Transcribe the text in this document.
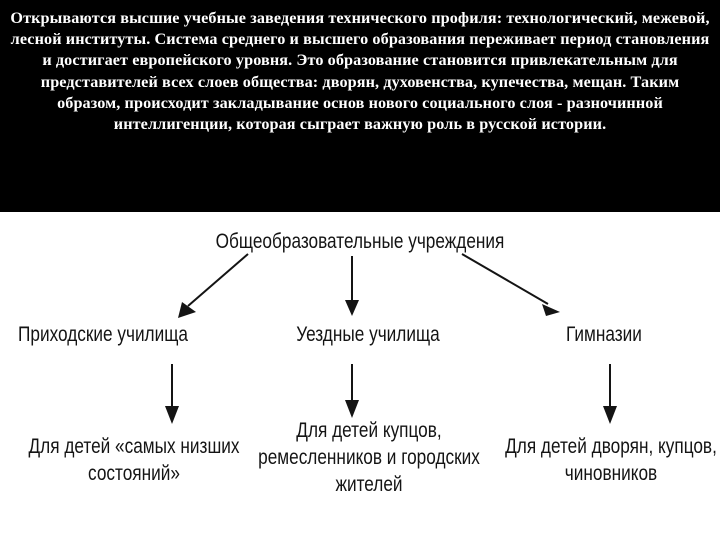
Открываются высшие учебные заведения технического профиля: технологический, межевой, лесной институты. Система среднего и высшего образования переживает период становления и достигает европейского уровня. Это образование становится привлекательным для представителей всех слоев общества: дворян, духовенства, купечества, мещан. Таким образом, происходит закладывание основ нового социального слоя - разночинной интеллигенции, которая сыграет важную роль в русской истории.
Общеобразовательные учреждения
Приходские училища	Уездные училища	Гимназии
Для детей «самых низших
состояний»
Для детей купцов,
ремесленников и городских
жителей
Для детей дворян, купцов,
чиновников
